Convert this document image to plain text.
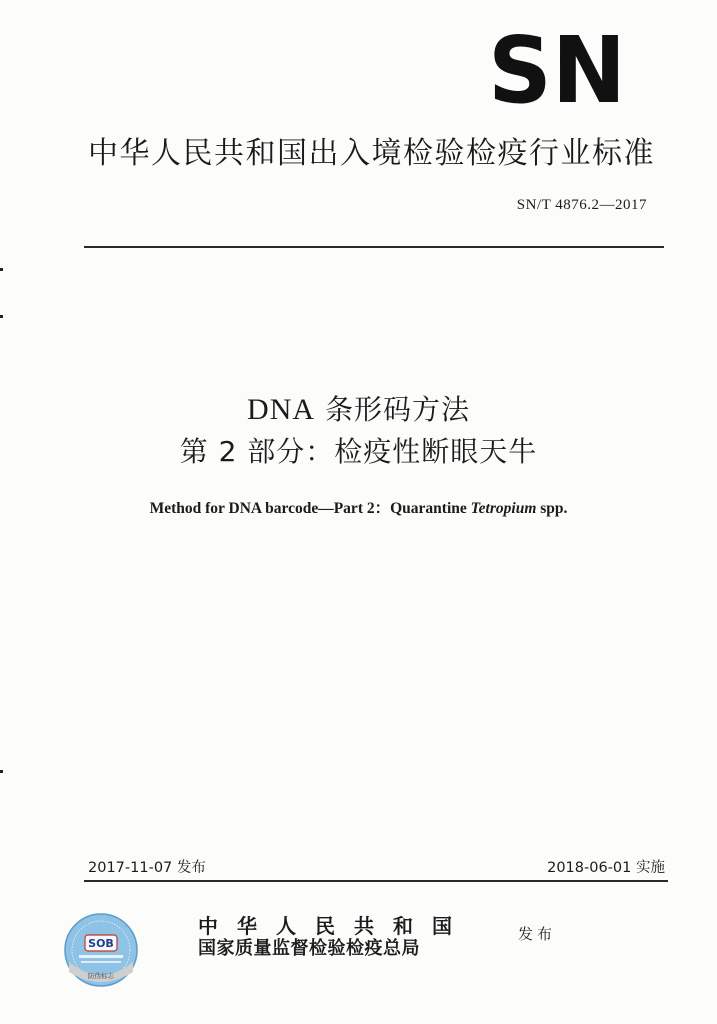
SN
中华人民共和国出入境检验检疫行业标准
SN/T 4876.2—2017
DNA 条形码方法
第 2 部分：检疫性断眼天牛
Method for DNA barcode—Part 2：Quarantine Tetropium spp.
2017-11-07 发布	2018-06-01 实施
SOB
防伪标志
中华人民共和国
国家质量监督检验检疫总局
发布
